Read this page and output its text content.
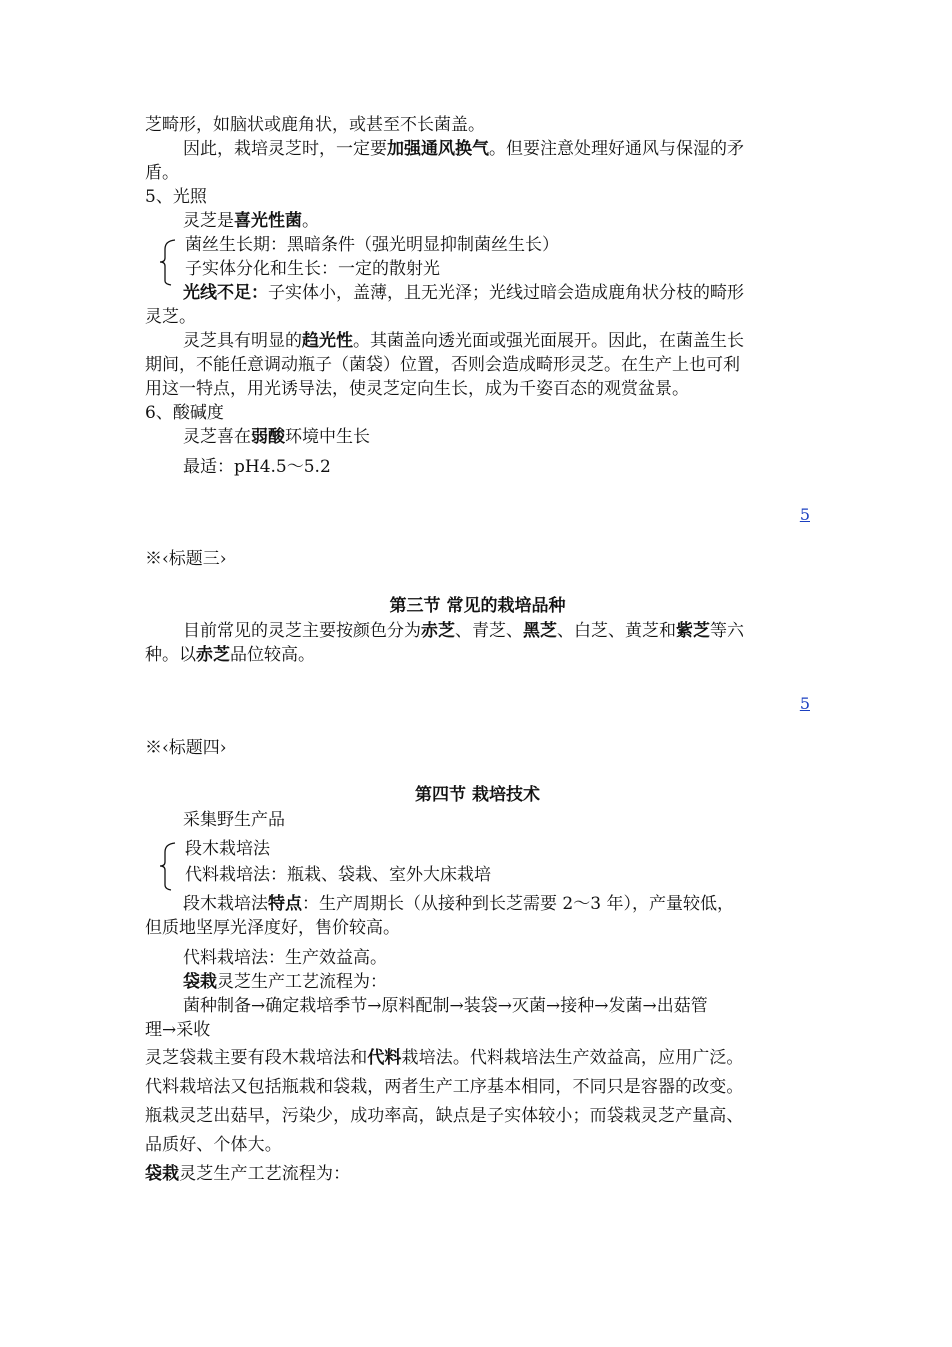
芝畸形，如脑状或鹿角状，或甚至不长菌盖。
因此，栽培灵芝时，一定要加强通风换气。但要注意处理好通风与保湿的矛
盾。
5、光照
灵芝是喜光性菌。
菌丝生长期：黑暗条件（强光明显抑制菌丝生长）
子实体分化和生长：一定的散射光
光线不足：子实体小，盖薄，且无光泽；光线过暗会造成鹿角状分枝的畸形
灵芝。
灵芝具有明显的趋光性。其菌盖向透光面或强光面展开。因此，在菌盖生长
期间，不能任意调动瓶子（菌袋）位置，否则会造成畸形灵芝。在生产上也可利
用这一特点，用光诱导法，使灵芝定向生长，成为千姿百态的观赏盆景。
6、酸碱度
灵芝喜在弱酸环境中生长
最适：pH4.5～5.2
5
※‹标题三›
第三节 常见的栽培品种
目前常见的灵芝主要按颜色分为赤芝、青芝、黑芝、白芝、黄芝和紫芝等六
种。以赤芝品位较高。
5
※‹标题四›
第四节 栽培技术
采集野生产品
段木栽培法
代料栽培法：瓶栽、袋栽、室外大床栽培
段木栽培法特点：生产周期长（从接种到长芝需要 2～3 年），产量较低，
但质地坚厚光泽度好，售价较高。
代料栽培法：生产效益高。
袋栽灵芝生产工艺流程为：
菌种制备→确定栽培季节→原料配制→装袋→灭菌→接种→发菌→出菇管
理→采收
灵芝袋栽主要有段木栽培法和代料栽培法。代料栽培法生产效益高，应用广泛。
代料栽培法又包括瓶栽和袋栽，两者生产工序基本相同，不同只是容器的改变。
瓶栽灵芝出菇早，污染少，成功率高，缺点是子实体较小；而袋栽灵芝产量高、
品质好、个体大。
袋栽灵芝生产工艺流程为：
